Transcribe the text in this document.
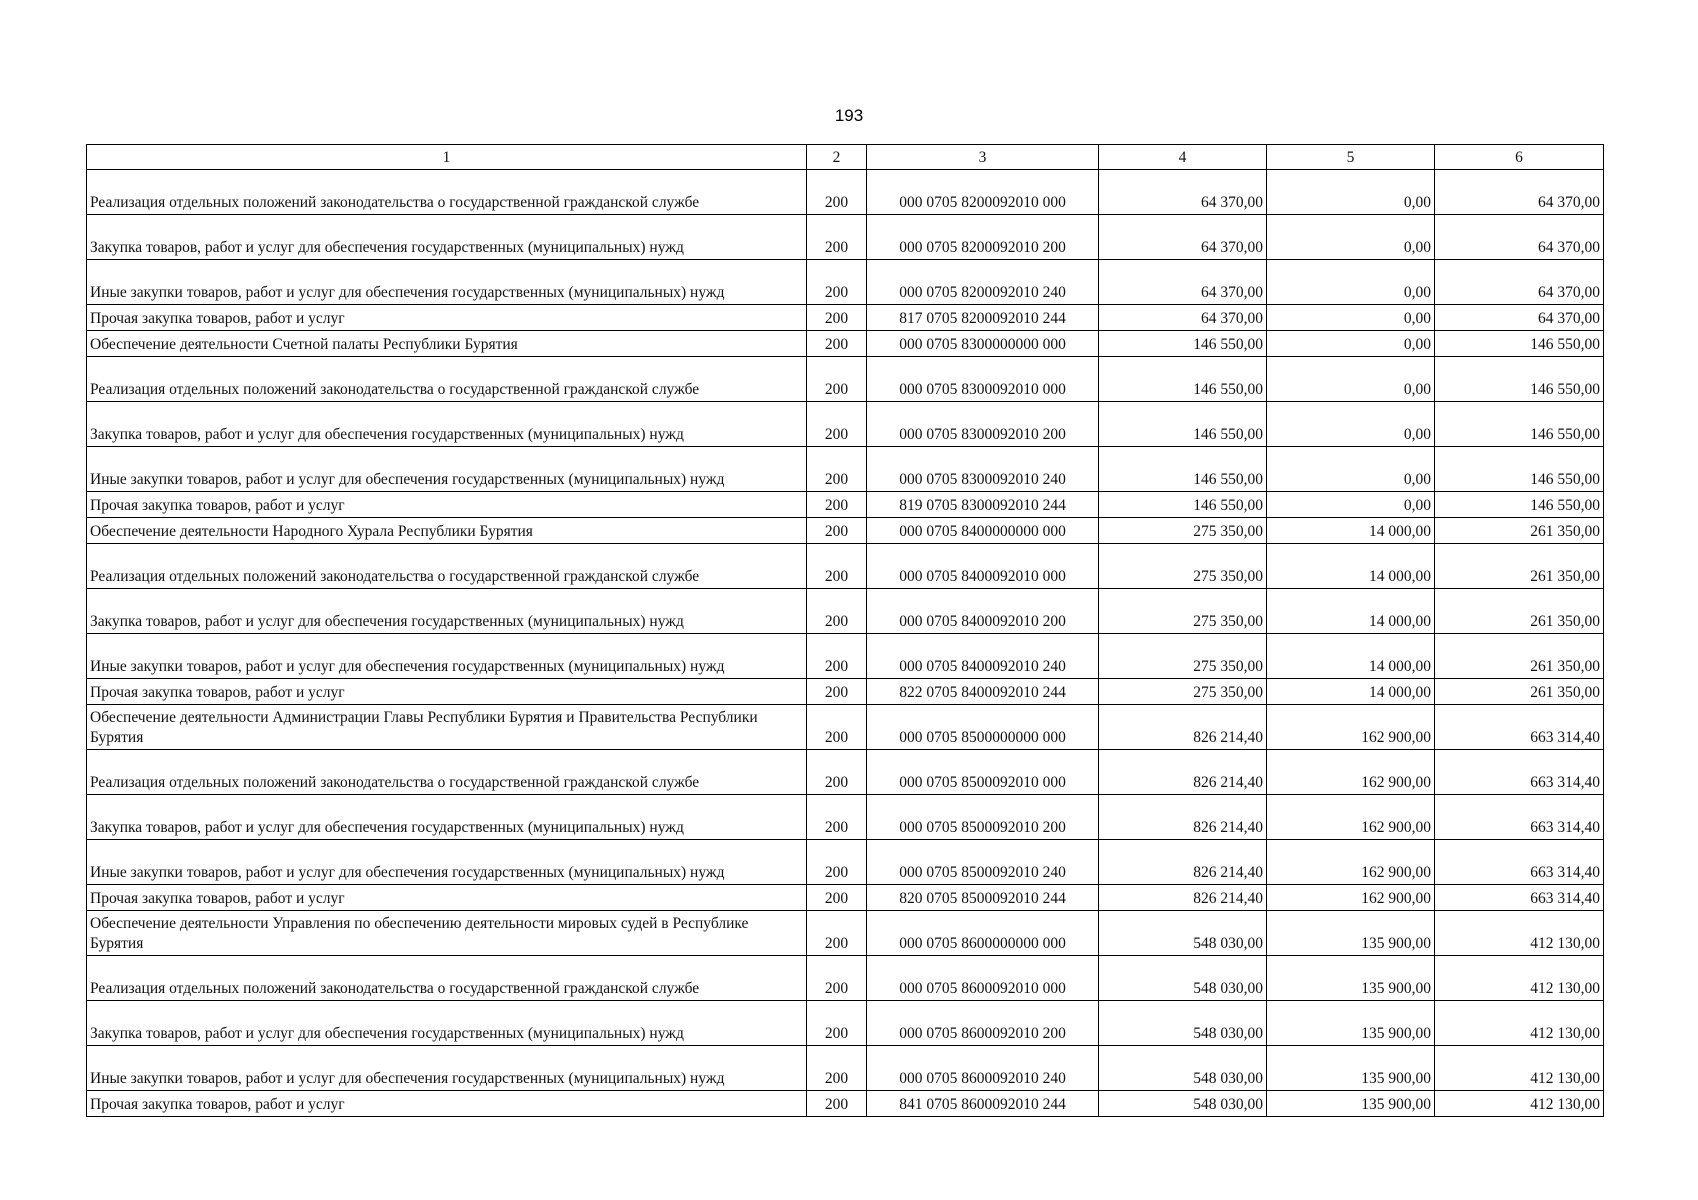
193
1	2	3	4	5	6
Реализация отдельных положений законодательства о государственной гражданской службе	200	000 0705 8200092010 000	64 370,00	0,00	64 370,00
Закупка товаров, работ и услуг для обеспечения государственных (муниципальных) нужд	200	000 0705 8200092010 200	64 370,00	0,00	64 370,00
Иные закупки товаров, работ и услуг для обеспечения государственных (муниципальных) нужд	200	000 0705 8200092010 240	64 370,00	0,00	64 370,00
Прочая закупка товаров, работ и услуг	200	817 0705 8200092010 244	64 370,00	0,00	64 370,00
Обеспечение деятельности Счетной палаты Республики Бурятия	200	000 0705 8300000000 000	146 550,00	0,00	146 550,00
Реализация отдельных положений законодательства о государственной гражданской службе	200	000 0705 8300092010 000	146 550,00	0,00	146 550,00
Закупка товаров, работ и услуг для обеспечения государственных (муниципальных) нужд	200	000 0705 8300092010 200	146 550,00	0,00	146 550,00
Иные закупки товаров, работ и услуг для обеспечения государственных (муниципальных) нужд	200	000 0705 8300092010 240	146 550,00	0,00	146 550,00
Прочая закупка товаров, работ и услуг	200	819 0705 8300092010 244	146 550,00	0,00	146 550,00
Обеспечение деятельности Народного Хурала Республики Бурятия	200	000 0705 8400000000 000	275 350,00	14 000,00	261 350,00
Реализация отдельных положений законодательства о государственной гражданской службе	200	000 0705 8400092010 000	275 350,00	14 000,00	261 350,00
Закупка товаров, работ и услуг для обеспечения государственных (муниципальных) нужд	200	000 0705 8400092010 200	275 350,00	14 000,00	261 350,00
Иные закупки товаров, работ и услуг для обеспечения государственных (муниципальных) нужд	200	000 0705 8400092010 240	275 350,00	14 000,00	261 350,00
Прочая закупка товаров, работ и услуг	200	822 0705 8400092010 244	275 350,00	14 000,00	261 350,00
Обеспечение деятельности Администрации Главы Республики Бурятия и Правительства Республики Бурятия	200	000 0705 8500000000 000	826 214,40	162 900,00	663 314,40
Реализация отдельных положений законодательства о государственной гражданской службе	200	000 0705 8500092010 000	826 214,40	162 900,00	663 314,40
Закупка товаров, работ и услуг для обеспечения государственных (муниципальных) нужд	200	000 0705 8500092010 200	826 214,40	162 900,00	663 314,40
Иные закупки товаров, работ и услуг для обеспечения государственных (муниципальных) нужд	200	000 0705 8500092010 240	826 214,40	162 900,00	663 314,40
Прочая закупка товаров, работ и услуг	200	820 0705 8500092010 244	826 214,40	162 900,00	663 314,40
Обеспечение деятельности Управления по обеспечению деятельности мировых судей в Республике Бурятия	200	000 0705 8600000000 000	548 030,00	135 900,00	412 130,00
Реализация отдельных положений законодательства о государственной гражданской службе	200	000 0705 8600092010 000	548 030,00	135 900,00	412 130,00
Закупка товаров, работ и услуг для обеспечения государственных (муниципальных) нужд	200	000 0705 8600092010 200	548 030,00	135 900,00	412 130,00
Иные закупки товаров, работ и услуг для обеспечения государственных (муниципальных) нужд	200	000 0705 8600092010 240	548 030,00	135 900,00	412 130,00
Прочая закупка товаров, работ и услуг	200	841 0705 8600092010 244	548 030,00	135 900,00	412 130,00
